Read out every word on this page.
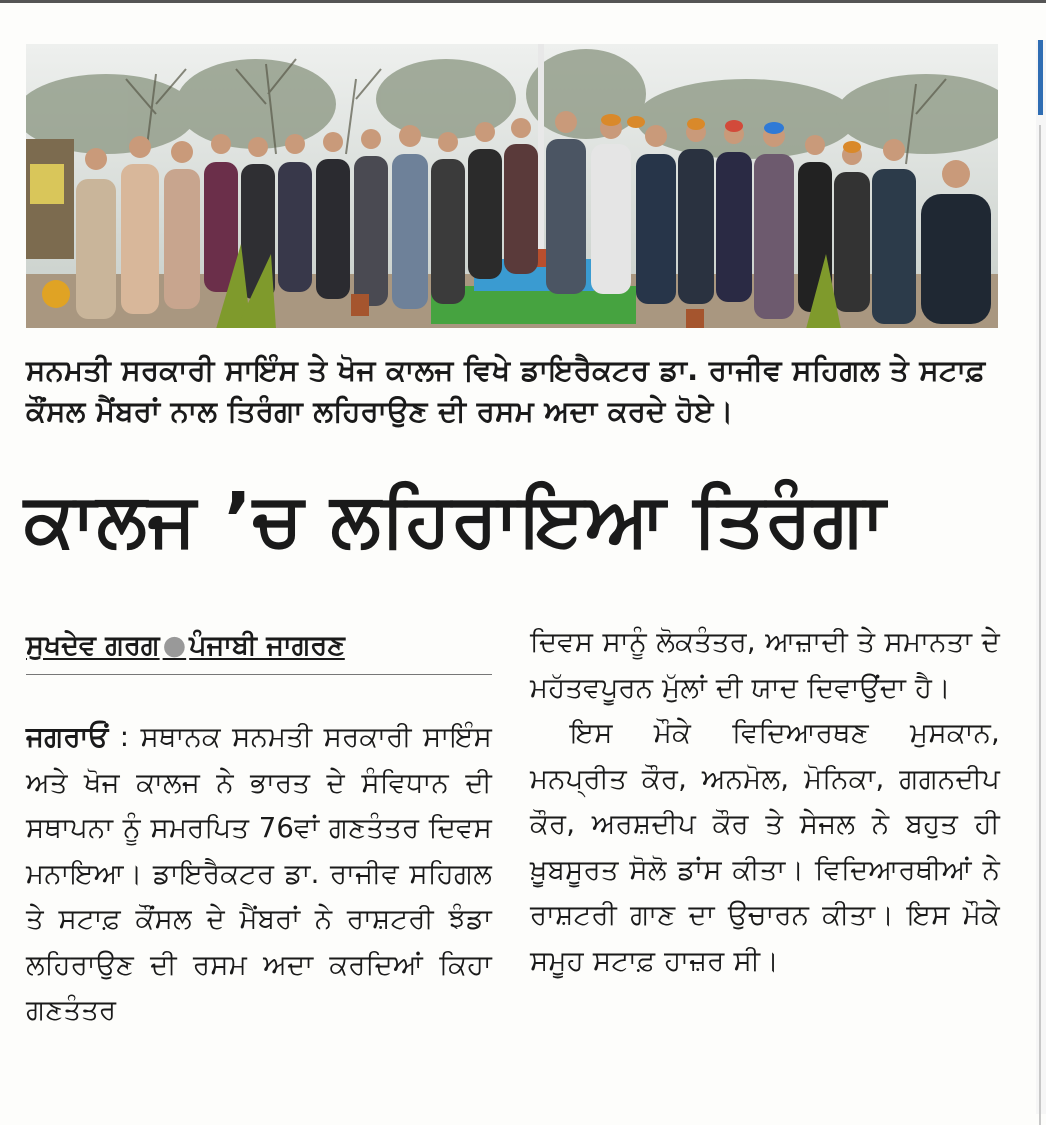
ਸਨਮਤੀ ਸਰਕਾਰੀ ਸਾਇੰਸ ਤੇ ਖੋਜ ਕਾਲਜ ਵਿਖੇ ਡਾਇਰੈਕਟਰ ਡਾ. ਰਾਜੀਵ ਸਹਿਗਲ ਤੇ ਸਟਾਫ਼ ਕੌਂਸਲ ਮੈਂਬਰਾਂ ਨਾਲ ਤਿਰੰਗਾ ਲਹਿਰਾਉਣ ਦੀ ਰਸਮ ਅਦਾ ਕਰਦੇ ਹੋਏ।
ਕਾਲਜ ’ਚ ਲਹਿਰਾਇਆ ਤਿਰੰਗਾ
ਸੁਖਦੇਵ ਗਰਗ ● ਪੰਜਾਬੀ ਜਾਗਰਣ
ਜਗਰਾਓਂ : ਸਥਾਨਕ ਸਨਮਤੀ ਸਰਕਾਰੀ ਸਾਇੰਸ ਅਤੇ ਖੋਜ ਕਾਲਜ ਨੇ ਭਾਰਤ ਦੇ ਸੰਵਿਧਾਨ ਦੀ ਸਥਾਪਨਾ ਨੂੰ ਸਮਰਪਿਤ 76ਵਾਂ ਗਣਤੰਤਰ ਦਿਵਸ ਮਨਾਇਆ। ਡਾਇਰੈਕਟਰ ਡਾ. ਰਾਜੀਵ ਸਹਿਗਲ ਤੇ ਸਟਾਫ਼ ਕੌਂਸਲ ਦੇ ਮੈਂਬਰਾਂ ਨੇ ਰਾਸ਼ਟਰੀ ਝੰਡਾ ਲਹਿਰਾਉਣ ਦੀ ਰਸਮ ਅਦਾ ਕਰਦਿਆਂ ਕਿਹਾ ਗਣਤੰਤਰ

ਦਿਵਸ ਸਾਨੂੰ ਲੋਕਤੰਤਰ, ਆਜ਼ਾਦੀ ਤੇ ਸਮਾਨਤਾ ਦੇ ਮਹੱਤਵਪੂਰਨ ਮੁੱਲਾਂ ਦੀ ਯਾਦ ਦਿਵਾਉਂਦਾ ਹੈ।

ਇਸ ਮੌਕੇ ਵਿਦਿਆਰਥਣ ਮੁਸਕਾਨ, ਮਨਪ੍ਰੀਤ ਕੌਰ, ਅਨਮੋਲ, ਮੋਨਿਕਾ, ਗਗਨਦੀਪ ਕੌਰ, ਅਰਸ਼ਦੀਪ ਕੌਰ ਤੇ ਸੇਜਲ ਨੇ ਬਹੁਤ ਹੀ ਖ਼ੂਬਸੂਰਤ ਸੋਲੋ ਡਾਂਸ ਕੀਤਾ। ਵਿਦਿਆਰਥੀਆਂ ਨੇ ਰਾਸ਼ਟਰੀ ਗਾਣ ਦਾ ਉਚਾਰਨ ਕੀਤਾ। ਇਸ ਮੌਕੇ ਸਮੂਹ ਸਟਾਫ਼ ਹਾਜ਼ਰ ਸੀ।
